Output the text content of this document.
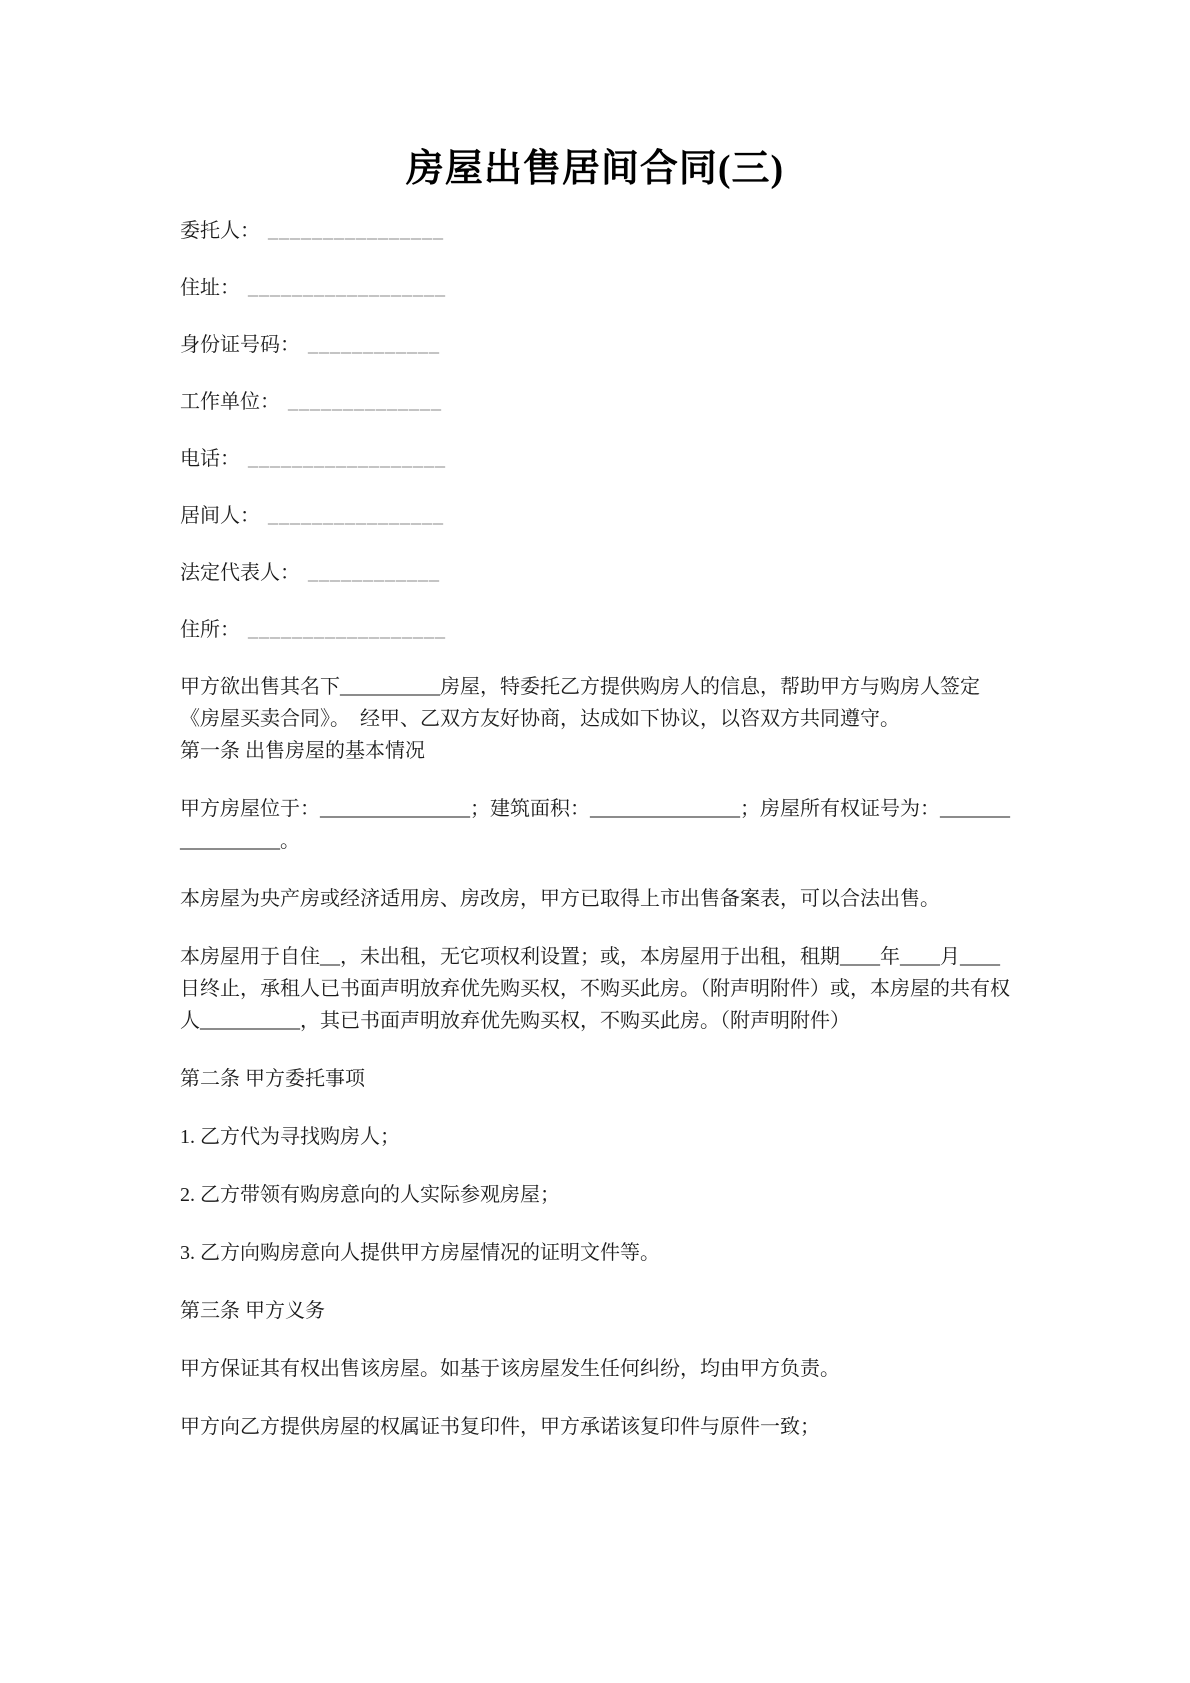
房屋出售居间合同(三)

委托人： ________________

住址： __________________

身份证号码： ____________

工作单位： ______________

电话： __________________

居间人： ________________

法定代表人： ____________

住所： __________________

甲方欲出售其名下__________房屋，特委托乙方提供购房人的信息，帮助甲方与购房人签定《房屋买卖合同》。　经甲、乙双方友好协商，达成如下协议，以咨双方共同遵守。

第一条 出售房屋的基本情况

甲方房屋位于：_______________；建筑面积：_______________；房屋所有权证号为：_________________。

本房屋为央产房或经济适用房、房改房，甲方已取得上市出售备案表，可以合法出售。

本房屋用于自住__，未出租，无它项权利设置；或，本房屋用于出租，租期____年____月____日终止，承租人已书面声明放弃优先购买权，不购买此房。（附声明附件）或，本房屋的共有权人__________，其已书面声明放弃优先购买权，不购买此房。（附声明附件）

第二条 甲方委托事项

1. 乙方代为寻找购房人；

2. 乙方带领有购房意向的人实际参观房屋；

3. 乙方向购房意向人提供甲方房屋情况的证明文件等。

第三条 甲方义务

甲方保证其有权出售该房屋。如基于该房屋发生任何纠纷，均由甲方负责。

甲方向乙方提供房屋的权属证书复印件，甲方承诺该复印件与原件一致；
